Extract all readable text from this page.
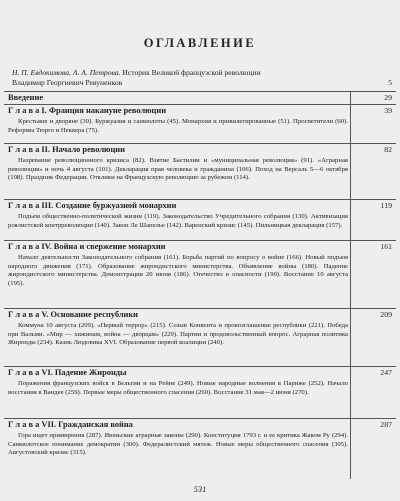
ОГЛАВЛЕНИЕ
Н. П. Евдокимова, А. А. Петрова. Историк Великой французской революции
Владимир Георгиевич Ревуненков	5
Введение	29
Г л а в а I. Франция накануне революции	39
Крестьяне и дворяне (39). Буржуазия и санкюлоты (45). Монархия и привилегированные (51). Просветители (60). Реформы Тюрго и Неккера (75).
Г л а в а II. Начало революции	82
Назревание революционного кризиса (82). Взятие Бастилии и «муниципальная революция» (91). «Аграрная революция» и ночь 4 августа (101). Декларация прав человека и гражданина (106). Поход на Версаль 5—6 октября (108). Праздник Федерации. Отклики на Французскую революцию за рубежом (114).
Г л а в а III. Создание буржуазной монархии	119
Подъем общественно-политической жизни (119). Законодательство Учредительного собрания (130). Активизация роялистской контрреволюции (140). Закон Ле Шапелье (142). Варенский кризис (145). Пильницкая декларация (157).
Г л а в а IV. Война и свержение монархии	161
Начало деятельности Законодательного собрания (161). Борьба партий по вопросу о войне (166). Новый подъем народного движения (171). Образование жирондистского министерства. Объявление войны (180). Падение жирондистского министерства. Демонстрация 20 июня (186). Отечество в опасности (190). Восстание 10 августа (195).
Г л а в а V. Основание республики	209
Коммуна 10 августа (209). «Первый террор» (215). Созыв Конвента и провозглашение республики (221). Победа при Вальми. «Мир — хижинам, война — дворцам» (229). Партии и продовольственный вопрос. Аграрная политика Жиронды (234). Казнь Людовика XVI. Образование первой коалиции (240).
Г л а в а VI. Падение Жиронды	247
Поражения французских войск в Бельгии и на Рейне (249). Новые народные волнения в Париже (252). Начало восстания в Вандее (259). Первые меры общественного спасения (260). Восстание 31 мая—2 июня (270).
Г л а в а VII. Гражданская война	287
Гора ищет примирения (287). Июньские аграрные законы (290). Конституция 1793 г. и ее критика Жаком Ру (294). Санкюлотское понимание демократии (300). Федералистский мятеж. Новые меры общественного спасения (305). Августовский кризис (315).
531
